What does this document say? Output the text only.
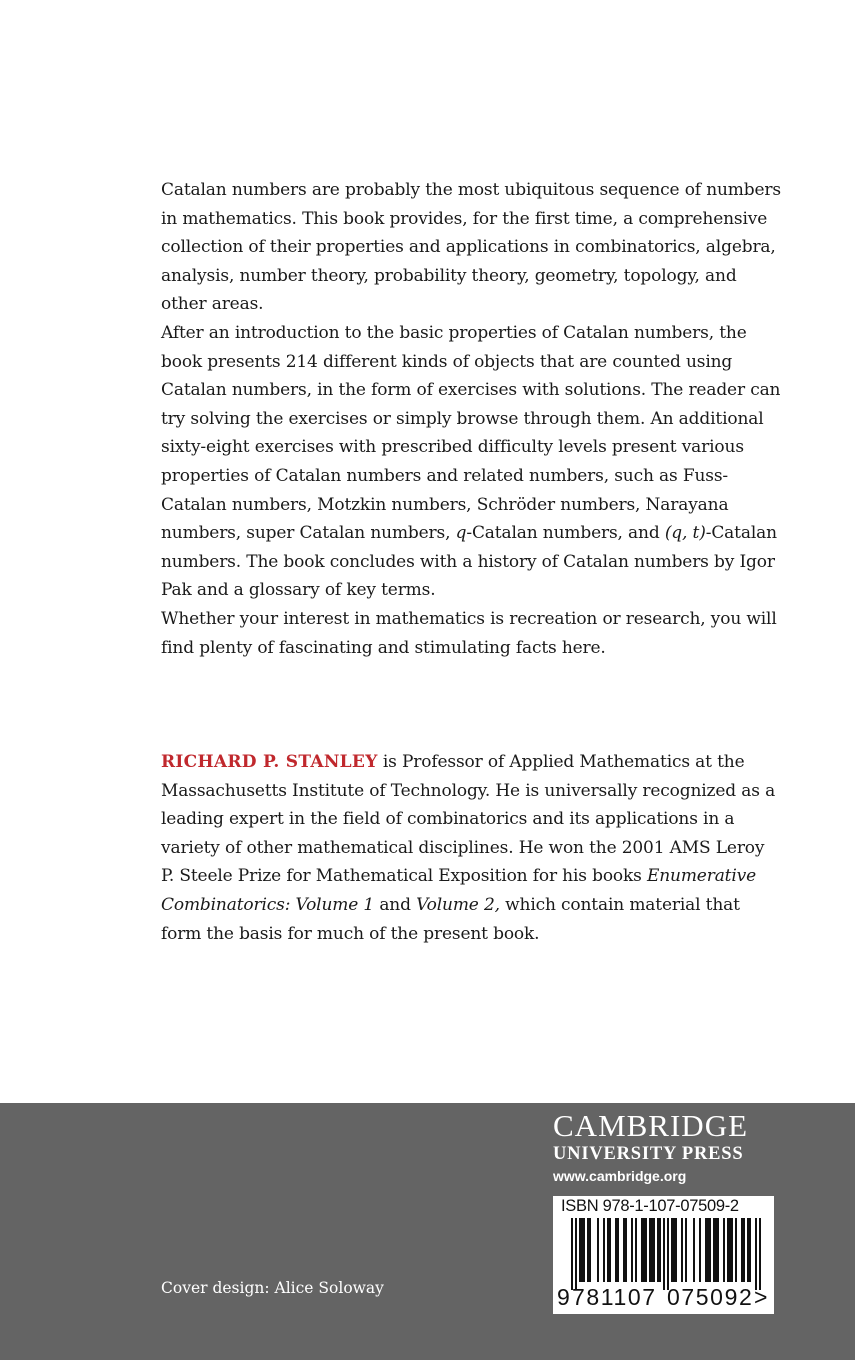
Catalan numbers are probably the most ubiquitous sequence of numbers in mathematics. This book provides, for the first time, a comprehensive collection of their properties and applications in combinatorics, algebra, analysis, number theory, probability theory, geometry, topology, and other areas.

After an introduction to the basic properties of Catalan numbers, the book presents 214 different kinds of objects that are counted using Catalan numbers, in the form of exercises with solutions. The reader can try solving the exercises or simply browse through them. An additional sixty-eight exercises with prescribed difficulty levels present various properties of Catalan numbers and related numbers, such as Fuss-Catalan numbers, Motzkin numbers, Schröder numbers, Narayana numbers, super Catalan numbers, q-Catalan numbers, and (q, t)-Catalan numbers. The book concludes with a history of Catalan numbers by Igor Pak and a glossary of key terms.

Whether your interest in mathematics is recreation or research, you will find plenty of fascinating and stimulating facts here.

RICHARD P. STANLEY is Professor of Applied Mathematics at the Massachusetts Institute of Technology. He is universally recognized as a leading expert in the field of combinatorics and its applications in a variety of other mathematical disciplines. He won the 2001 AMS Leroy P. Steele Prize for Mathematical Exposition for his books Enumerative Combinatorics: Volume 1 and Volume 2, which contain material that form the basis for much of the present book.

Cover design: Alice Soloway

CAMBRIDGE

UNIVERSITY PRESS

www.cambridge.org

ISBN 978-1-107-07509-2
9 781107 075092 >
